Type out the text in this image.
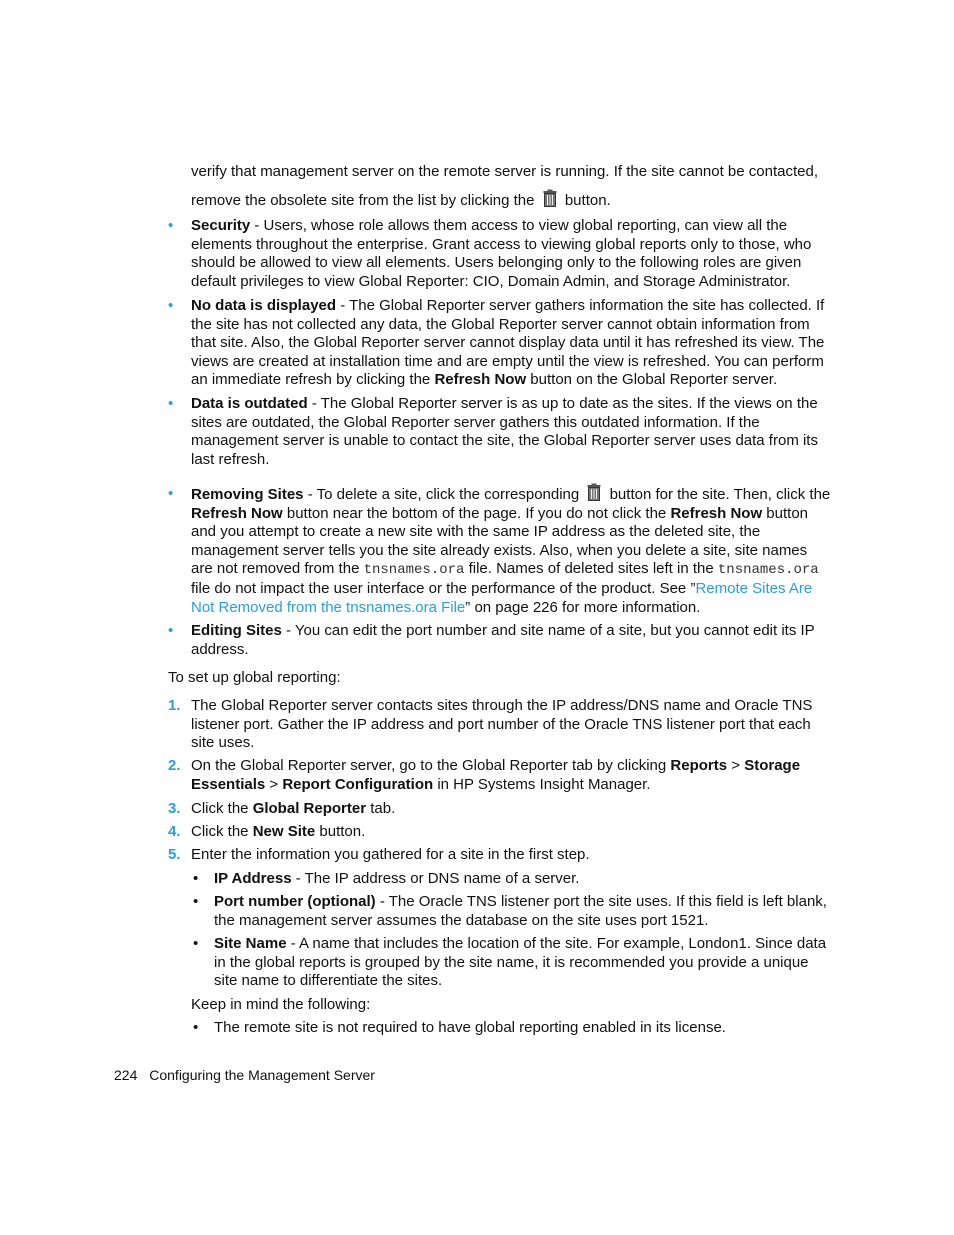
verify that management server on the remote server is running. If the site cannot be contacted,
remove the obsolete site from the list by clicking the button.
• Security - Users, whose role allows them access to view global reporting, can view all the elements throughout the enterprise. Grant access to viewing global reports only to those, who should be allowed to view all elements. Users belonging only to the following roles are given default privileges to view Global Reporter: CIO, Domain Admin, and Storage Administrator.
• No data is displayed - The Global Reporter server gathers information the site has collected. If the site has not collected any data, the Global Reporter server cannot obtain information from that site. Also, the Global Reporter server cannot display data until it has refreshed its view. The views are created at installation time and are empty until the view is refreshed. You can perform an immediate refresh by clicking the Refresh Now button on the Global Reporter server.
• Data is outdated - The Global Reporter server is as up to date as the sites. If the views on the sites are outdated, the Global Reporter server gathers this outdated information. If the management server is unable to contact the site, the Global Reporter server uses data from its last refresh.
• Removing Sites - To delete a site, click the corresponding button for the site. Then, click the Refresh Now button near the bottom of the page. If you do not click the Refresh Now button and you attempt to create a new site with the same IP address as the deleted site, the management server tells you the site already exists. Also, when you delete a site, site names are not removed from the tnsnames.ora file. Names of deleted sites left in the tnsnames.ora file do not impact the user interface or the performance of the product. See ”Remote Sites Are Not Removed from the tnsnames.ora File” on page 226 for more information.
• Editing Sites - You can edit the port number and site name of a site, but you cannot edit its IP address.
To set up global reporting:
1. The Global Reporter server contacts sites through the IP address/DNS name and Oracle TNS listener port. Gather the IP address and port number of the Oracle TNS listener port that each site uses.
2. On the Global Reporter server, go to the Global Reporter tab by clicking Reports > Storage Essentials > Report Configuration in HP Systems Insight Manager.
3. Click the Global Reporter tab.
4. Click the New Site button.
5. Enter the information you gathered for a site in the first step.
• IP Address - The IP address or DNS name of a server.
• Port number (optional) - The Oracle TNS listener port the site uses. If this field is left blank, the management server assumes the database on the site uses port 1521.
• Site Name - A name that includes the location of the site. For example, London1. Since data in the global reports is grouped by the site name, it is recommended you provide a unique site name to differentiate the sites.
Keep in mind the following:
• The remote site is not required to have global reporting enabled in its license.
224 Configuring the Management Server
